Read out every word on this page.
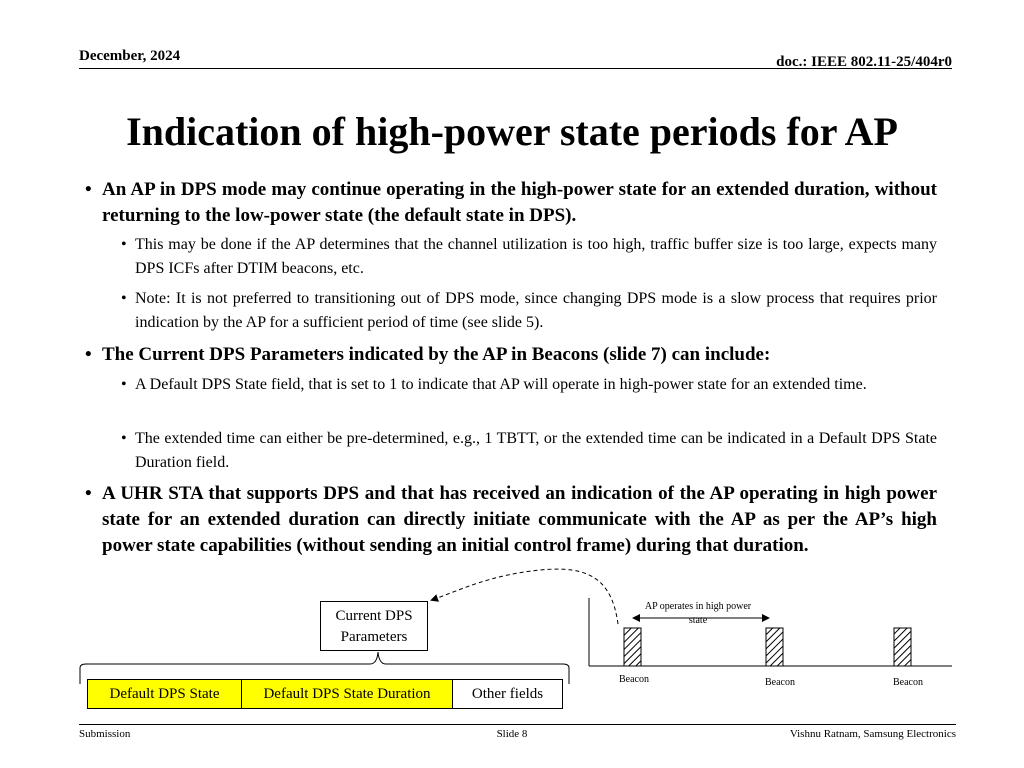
December, 2024	doc.: IEEE 802.11-25/404r0
Indication of high-power state periods for AP
• An AP in DPS mode may continue operating in the high-power state for an extended duration, without returning to the low-power state (the default state in DPS).
• This may be done if the AP determines that the channel utilization is too high, traffic buffer size is too large, expects many DPS ICFs after DTIM beacons, etc.
• Note: It is not preferred to transitioning out of DPS mode, since changing DPS mode is a slow process that requires prior indication by the AP for a sufficient period of time (see slide 5).
• The Current DPS Parameters indicated by the AP in Beacons (slide 7) can include:
• A Default DPS State field, that is set to 1 to indicate that AP will operate in high-power state for an extended time.
• The extended time can either be pre-determined, e.g., 1 TBTT, or the extended time can be indicated in a Default DPS State Duration field.
• A UHR STA that supports DPS and that has received an indication of the AP operating in high power state for an extended duration can directly initiate communicate with the AP as per the AP’s high power state capabilities (without sending an initial control frame) during that duration.
Current DPS Parameters
Default DPS State	Default DPS State Duration	Other fields
AP operates in high power state
Beacon	Beacon	Beacon
Submission	Slide 8	Vishnu Ratnam, Samsung Electronics
